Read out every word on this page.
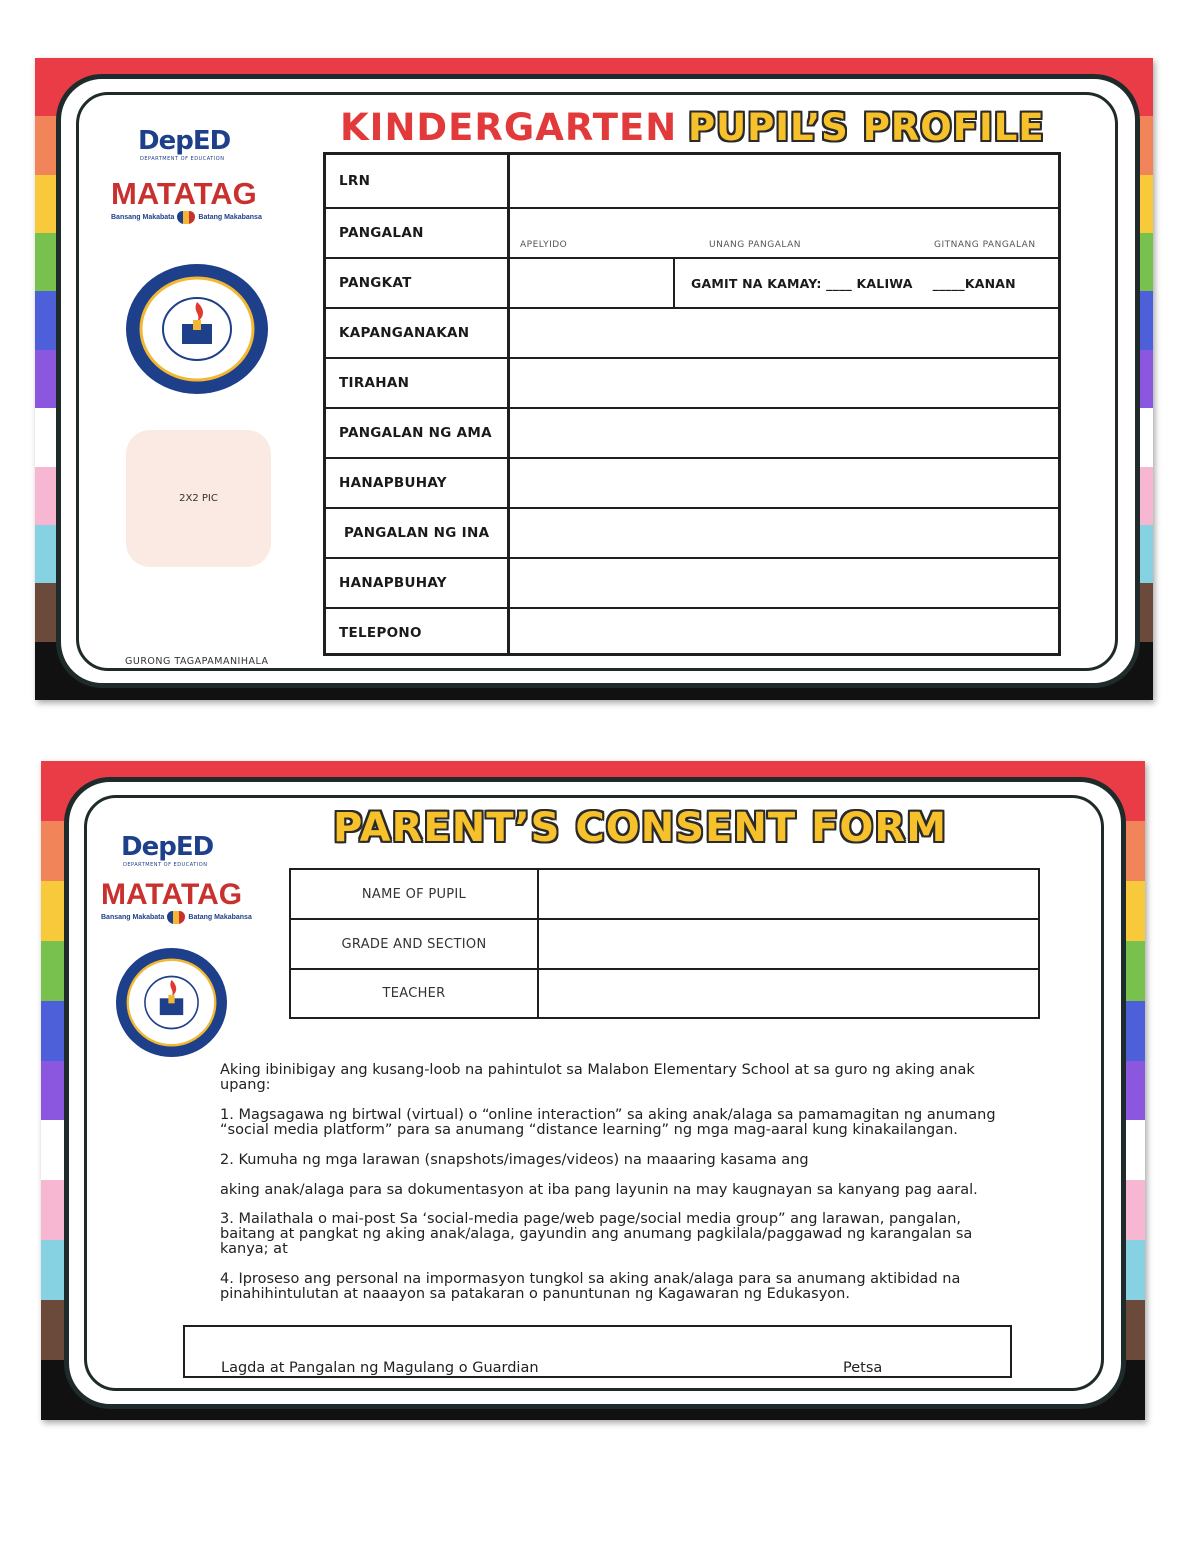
DepED
DEPARTMENT OF EDUCATION
MATATAG
Bansang Makabata	Batang Makabansa
KINDERGARTEN PUPIL’S PROFILE
2X2 PIC
GURONG TAGAPAMANIHALA
LRN
PANGALAN
APELYIDO	UNANG PANGALAN	GITNANG PANGALAN
PANGKAT	GAMIT NA KAMAY: ____ KALIWA _____KANAN
KAPANGANAKAN
TIRAHAN
PANGALAN NG AMA
HANAPBUHAY
PANGALAN NG INA
HANAPBUHAY
TELEPONO
DepED
DEPARTMENT OF EDUCATION
MATATAG
Bansang Makabata	Batang Makabansa
PARENT’S CONSENT FORM
NAME OF PUPIL
GRADE AND SECTION
TEACHER
Aking ibinibigay ang kusang-loob na pahintulot sa Malabon Elementary School at sa guro ng aking anak
upang:
1. Magsagawa ng birtwal (virtual) o “online interaction” sa aking anak/alaga sa pamamagitan ng anumang
“social media platform” para sa anumang “distance learning” ng mga mag-aaral kung kinakailangan.
2. Kumuha ng mga larawan (snapshots/images/videos) na maaaring kasama ang
aking anak/alaga para sa dokumentasyon at iba pang layunin na may kaugnayan sa kanyang pag aaral.
3. Mailathala o mai-post Sa ‘social-media page/web page/social media group” ang larawan, pangalan,
baitang at pangkat ng aking anak/alaga, gayundin ang anumang pagkilala/paggawad ng karangalan sa
kanya; at
4. Iproseso ang personal na impormasyon tungkol sa aking anak/alaga para sa anumang aktibidad na
pinahihintulutan at naaayon sa patakaran o panuntunan ng Kagawaran ng Edukasyon.
Lagda at Pangalan ng Magulang o Guardian	Petsa
